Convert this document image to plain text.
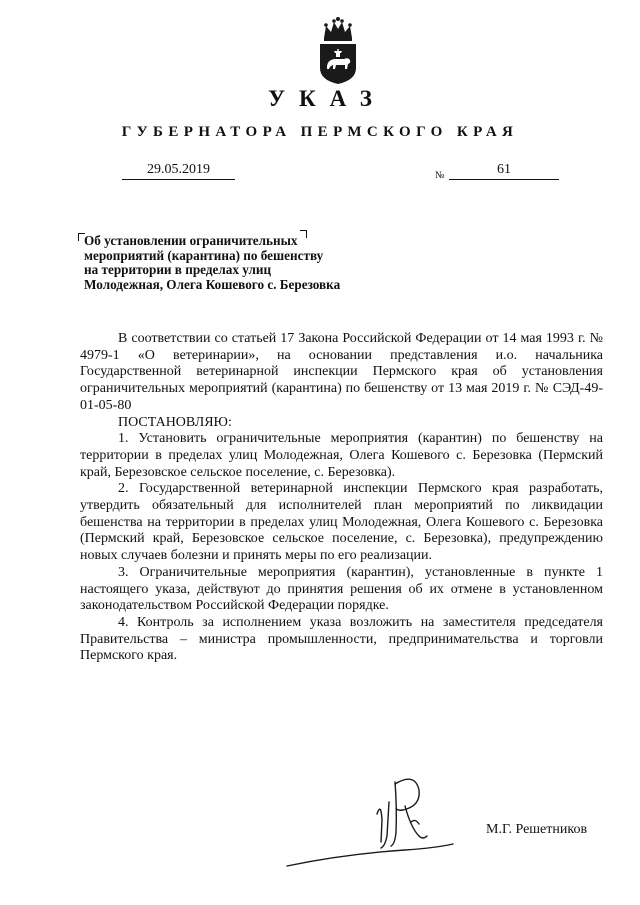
УКАЗ
ГУБЕРНАТОРА ПЕРМСКОГО КРАЯ
29.05.2019	№	61
Об установлении ограничительных
мероприятий (карантина) по бешенству
на территории в пределах улиц
Молодежная, Олега Кошевого с. Березовка

В соответствии со статьей 17 Закона Российской Федерации от 14 мая 1993 г. № 4979-1 «О ветеринарии», на основании представления и.о. начальника Государственной ветеринарной инспекции Пермского края об установления ограничительных мероприятий (карантина) по бешенству от 13 мая 2019 г. № СЭД-49-01-05-80

ПОСТАНОВЛЯЮ:

1. Установить ограничительные мероприятия (карантин) по бешенству на территории в пределах улиц Молодежная, Олега Кошевого с. Березовка (Пермский край, Березовское сельское поселение, с. Березовка).

2. Государственной ветеринарной инспекции Пермского края разработать, утвердить обязательный для исполнителей план мероприятий по ликвидации бешенства на территории в пределах улиц Молодежная, Олега Кошевого с. Березовка (Пермский край, Березовское сельское поселение, с. Березовка), предупреждению новых случаев болезни и принять меры по его реализации.

3. Ограничительные мероприятия (карантин), установленные в пункте 1 настоящего указа, действуют до принятия решения об их отмене в установленном законодательством Российской Федерации порядке.

4. Контроль за исполнением указа возложить на заместителя председателя Правительства – министра промышленности, предпринимательства и торговли Пермского края.

М.Г. Решетников
